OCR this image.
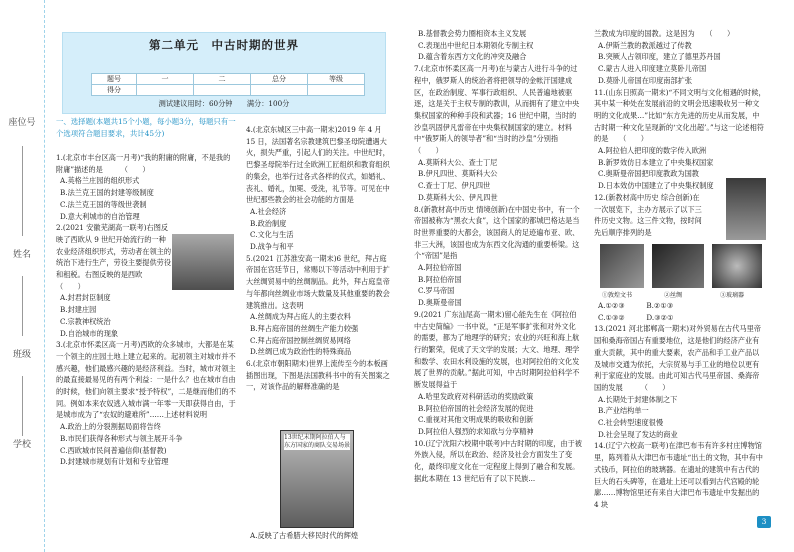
座位号
姓名
班级
学校
第二单元　中古时期的世界
题号	一	二	总分	等级
得分				
测试建议用时：60分钟　　满分：100分
一、选择题(本题共15个小题，每小题3分，每题只有一个选项符合题目要求，共计45分)

1.(北京市丰台区高一月考)“我的附庸的附庸，不是我的附庸”描述的是　　　（　　）

A.英格兰庄园的组织形式

B.法兰克王国的封建等级制度

C.法兰克王国的等级世袭制

D.意大利城市的自治管理

2.(2021 安徽芜湖高一联考)右图反映了西欧从 9 世纪开始流行的一种农业经济组织形式，劳动者在领主的统治下进行生产，劳役主要提供劳役和租税。右图反映的是西欧　　　（　　）

A.封君封臣制度

B.封建庄园

C.宗教神权统治

D.自治城市的现象

3.(北京市怀柔区高一月考)西欧的众多城市，大都是在某一个领主的庄园土地上建立起来的。起初领主对城市并不感兴趣，他们最感兴趣的是经济利益。当时，城市对领主的最直接最易见的有两个利益：一是什么？也在城市自由的时候，他们向领主要求“授予特权”，二是继而他们的不同。例如本来农奴逃入城市满一年零一天即获得自由，于是城市成为了“农奴的避难所”……上述材料说明

A.政治上的分裂割据局面将告终

B.市民们获得各种形式与领主展开斗争

C.西欧城市民间普遍信仰(基督教)

D.封建城市规划有计划和专业管理

4.(北京东城区三中高一期末)2019 年 4 月 15 日，法国著名宗教建筑巴黎圣母院遭遇大火，损失严重，引起人们的关注。中世纪时，巴黎圣母院举行过全欧洲工匠组织和教育组织的集会，也举行过各式各样的仪式，如婚礼、丧礼、婚礼，加冕、受洗，礼节等。可见在中世纪那些教会的社会功能的方面是

A.社会经济

B.政治制度

C.文化与生活

D.战争与和平

5.(2021 江苏淮安高一期末)6 世纪，拜占庭帝国在宫廷节日，常赐以下等活动中利用于扩大丝绸贸易中的丝绸制品。此外，拜占庭皇帝与年都向丝绸业市场大数量及其他重要的教会建筑推出。这表明

A.丝绸成为拜占庭人的主要衣料

B.拜占庭帝国的丝绸生产能力较强

C.拜占庭帝国控制丝绸贸易网络

D.丝绸已成为政治性的特殊商品

6.(北京市朝阳期末)世界上流传至今的本板画插图出现，下图是法国教科书中的有关图案之一，对该作品的解释准确的是

13世纪末期阿拉伯人与东方国家的商队交易场景

A.反映了古希腊大移民时代的辉煌

B.基督教会势力圈相资本主义发展

C.表现出中世纪日本期领化专制主权

D.蕴含着东西方文化的冲突及融合

7.(北京市怀柔区高一月考)在与蒙古人进行斗争的过程中，俄罗斯人的统治者将把领导的金帐汗国建成区，在政治制度、军事行政组织、人民普遍地被驱逐，这是关于主权专制的教训，从而拥有了建立中央集权国家的种种手段和武器；16 世纪中期，当时的沙皇巩固伊凡雷帝在中央集权制国家的建立。材料中“俄罗斯人的领导者”和“当时的沙皇”分别指　　　（　　）

A.莫斯科大公、查士丁尼

B.伊凡四世、莫斯科大公

C.查士丁尼、伊凡四世

D.莫斯科大公、伊凡四世

8.(新教材高中历史 情境创新)在中国史书中，有一个帝国被称为“黑衣大食”，这个国家的都城巴格达是当时世界重要的大都会，该国商人的足迹遍布亚、欧、非三大洲，该国也成为东西文化沟通的重要桥梁。这个“帝国”是指

A.阿拉伯帝国

B.阿拉伯帝国

C.罗马帝国

D.奥斯曼帝国

9.(2021 广东汕尾高一期末)留心能先生在《阿拉伯中古史简编》一书中说，“正是军事扩张和对外文化的需要，都为了地理学的研究；农业的兴旺和海上航行的繁荣，促成了天文学的发展；大文、地理、理学和数学、农田水利设施的发展，也对阿拉伯的文化发展了世界的贡献。”据此可知，中古时期阿拉伯科学不断发展得益于

A.哈里发政府对科研活动的奖励政策

B.阿拉伯帝国的社会经济发展的促进

C.重视对其他文明成果的吸收和创新

D.阿拉伯人强烈的求知欲与分享精神

10.(辽宁沈阳六校期中联考)中古时期的印度，由于被外族入侵，所以在政治、经济及社会方面发生了变化，最终印度文化在一定程度上得到了融合和发展。据此本期在 13 世纪后有了以下民族...

兰教成为印度的国教。这是因为　　（　　）

A.伊斯兰教的教派越过了传教

B.突厥人占领印度，建立了德里苏丹国

C.蒙古人进入印度建立莫卧儿帝国

D.莫卧儿帝国在印度南部扩张

11.(山东日照高一期末)“不同文明与文化相遇的时候，其中某一种处在发展前沿的文明会迅速吸收另一种文明的文化成果…”比如“东方先进的历史从而发展，中古时期一种文化呈现新的‘文化出超’。”与这一论述相符的是　　（　　）

A.阿拉伯人把印度的数字传入欧洲

B.新罗效仿日本建立了中央集权国家

C.奥斯曼帝国把印度教政为国教

D.日本效仿中国建立了中央集权制度

12.(新教材高中历史 综合创新)在一次展览下，主办方展示了以下三件历史文物。这三件文物，按时间先后顺序排列的是

①敦煌文书	②丝绸	③玻璃器

A.①②③　　　B.②①③

C.①③②　　　D.③②①

13.(2021 河北邯郸高一期末)对外贸易在古代马里帝国和桑海帝国占有重要地位，这是他们的经济产业有重大贡献，其中的重大要素，农产品和手工业产品以及城市交通为依托，大宗贸易与手工业的地位以更有利于家庭业的发展。由此可知古代马里帝国、桑海帝国的发展　　　（　　）

A.长期处于封建体制之下

B.产业结构单一

C.社会转型速度很慢

D.社会呈现了发达的商业

14.(辽宁六校高一联考)在津巴布韦有许多村庄博物馆里，陈列着从大津巴布韦遗址“出土的文物，其中有中式钱币，阿拉伯的玻璃器。在遗址的建筑中有古代的巨大的石头碑等，在遗址上还可以看到古代宫殿的轮廓……博物馆里还有来自大津巴布韦遗址中发掘出的 4 块

3
